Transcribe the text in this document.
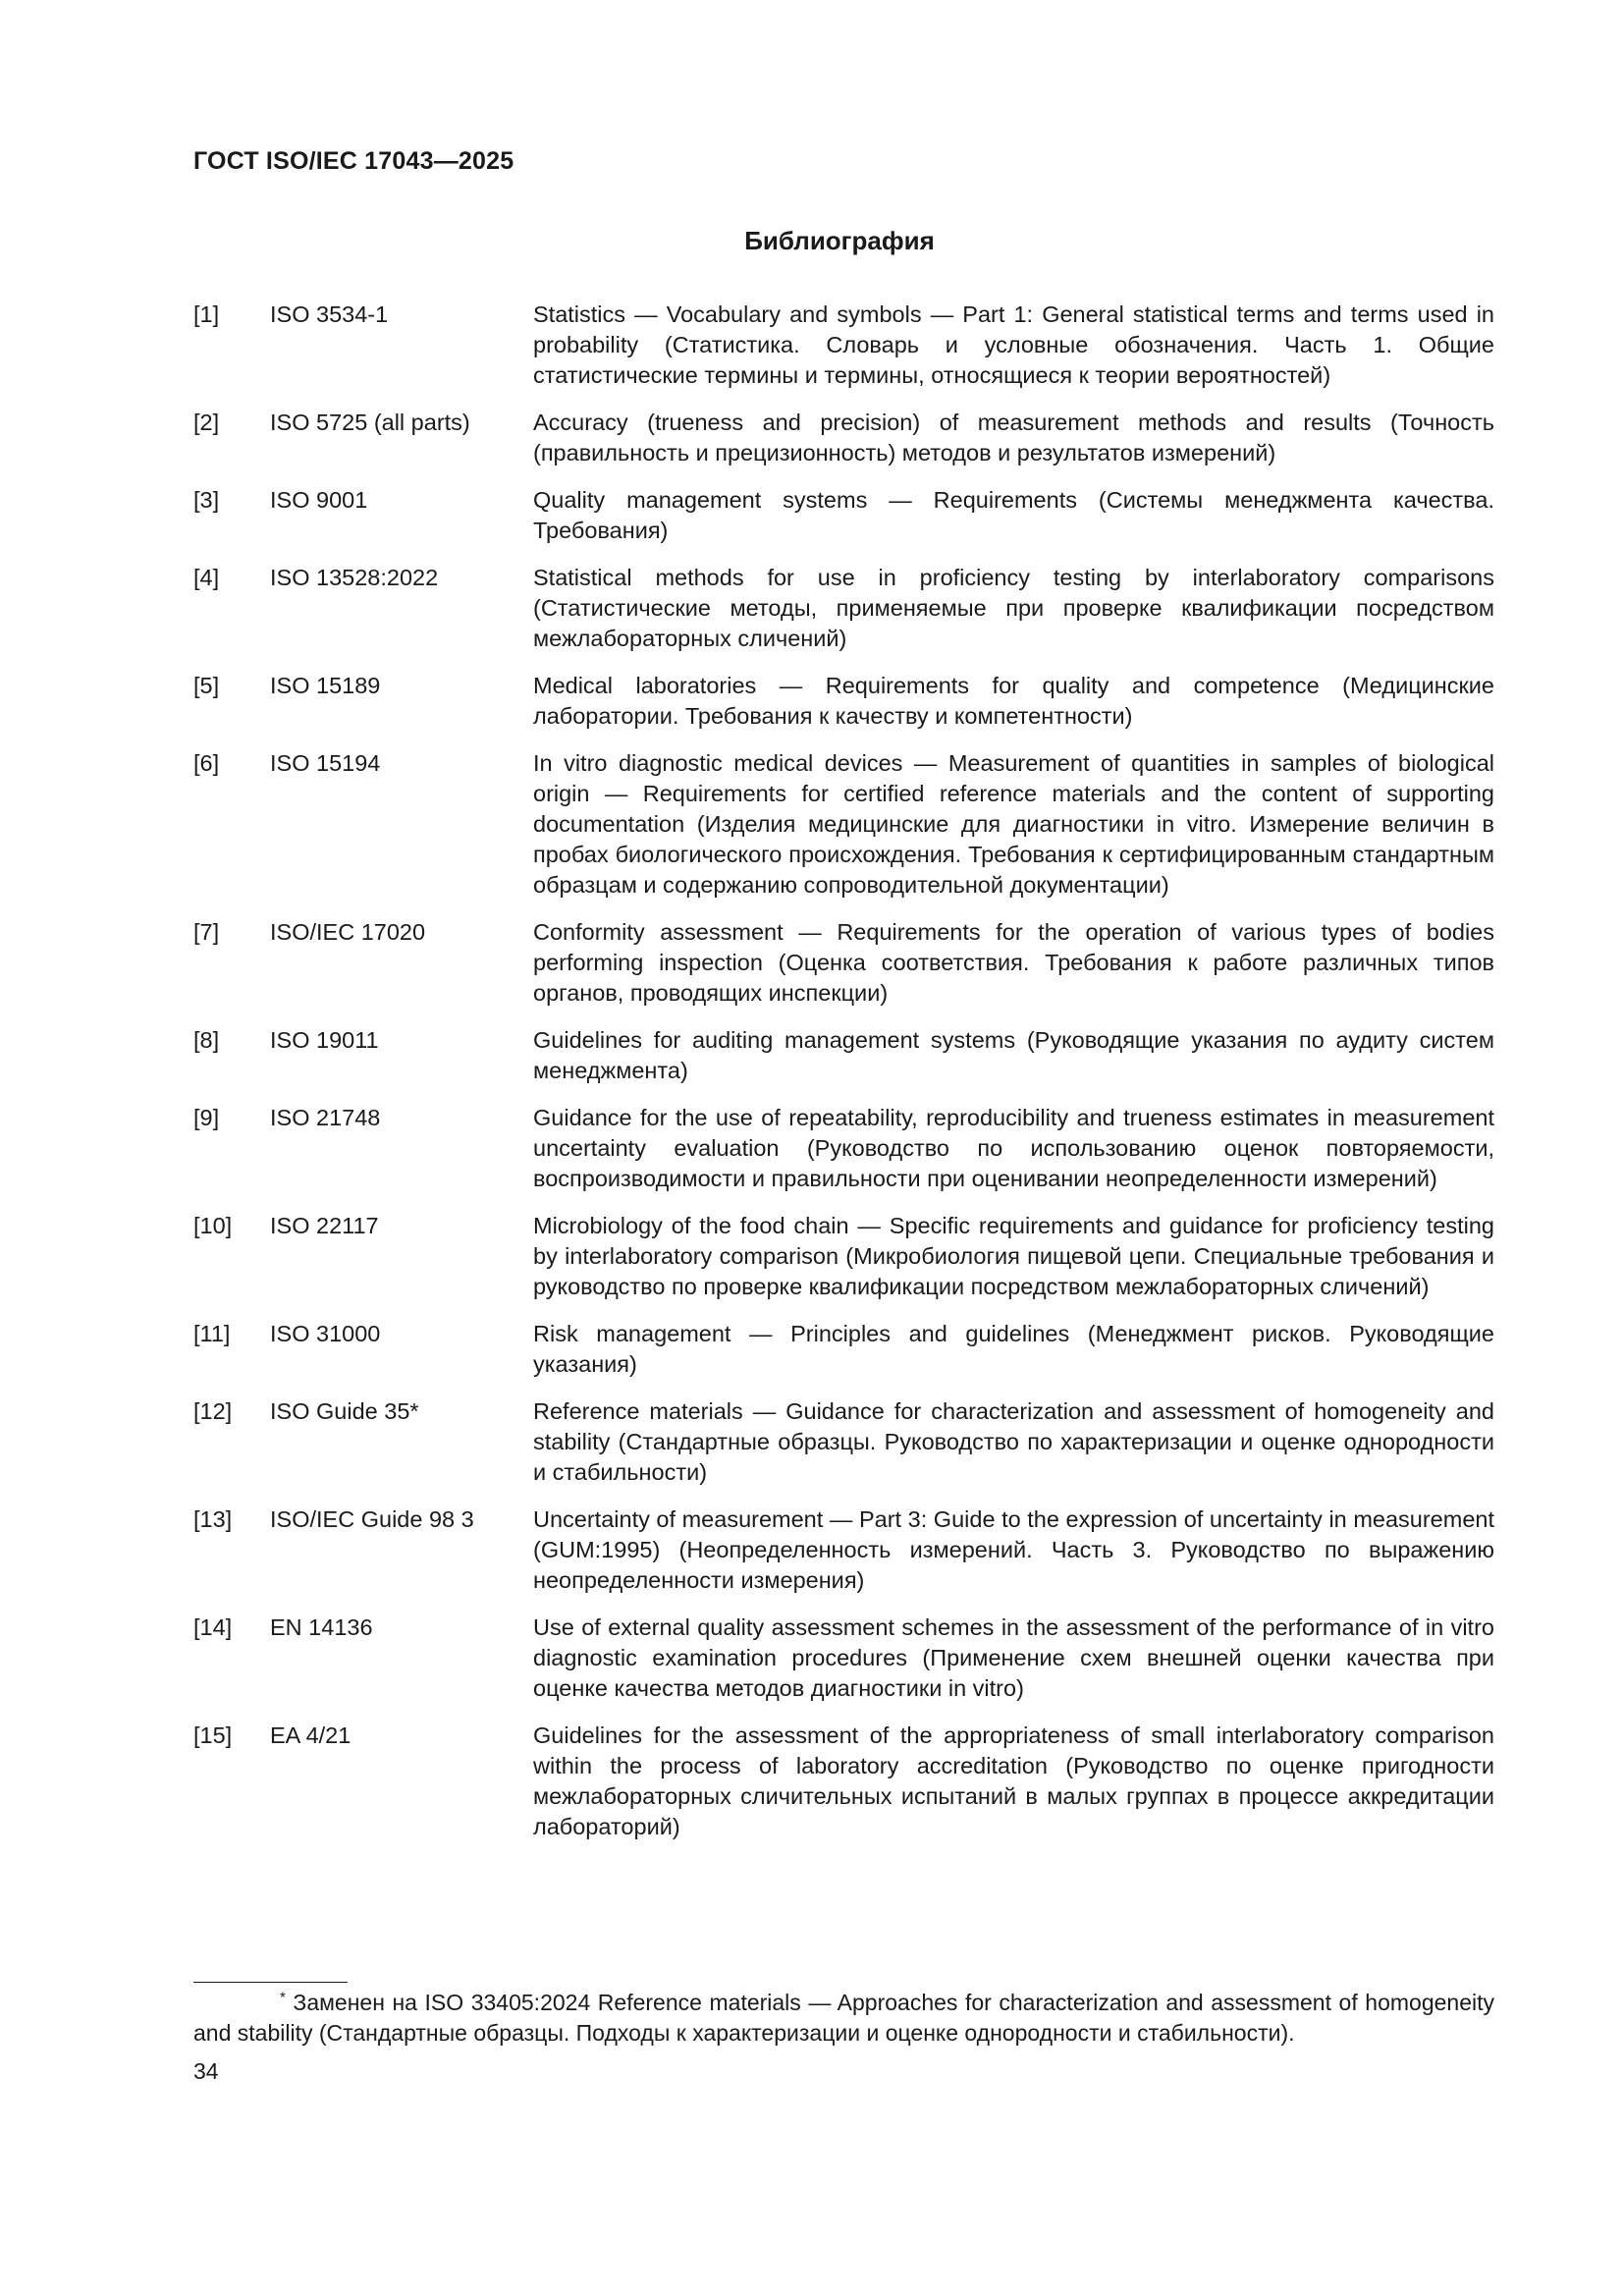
ГОСТ ISO/IEC 17043—2025
Библиография
[1]	ISO 3534-1	Statistics — Vocabulary and symbols — Part 1: General statistical terms and terms used in probability (Статистика. Словарь и условные обозначения. Часть 1. Общие статистические термины и термины, относящиеся к теории вероятностей)
[2]	ISO 5725 (all parts)	Accuracy (trueness and precision) of measurement methods and results (Точность (правильность и прецизионность) методов и результатов измерений)
[3]	ISO 9001	Quality management systems — Requirements (Системы менеджмента качества. Требования)
[4]	ISO 13528:2022	Statistical methods for use in proficiency testing by interlaboratory comparisons (Статистические методы, применяемые при проверке квалификации посредством межлабораторных сличений)
[5]	ISO 15189	Medical laboratories — Requirements for quality and competence (Медицинские лаборатории. Требования к качеству и компетентности)
[6]	ISO 15194	In vitro diagnostic medical devices — Measurement of quantities in samples of biological origin — Requirements for certified reference materials and the content of supporting documentation (Изделия медицинские для диагностики in vitro. Измерение величин в пробах биологического происхождения. Требования к сертифицированным стандартным образцам и содержанию сопроводительной документации)
[7]	ISO/IEC 17020	Conformity assessment — Requirements for the operation of various types of bodies performing inspection (Оценка соответствия. Требования к работе различных типов органов, проводящих инспекции)
[8]	ISO 19011	Guidelines for auditing management systems (Руководящие указания по аудиту систем менеджмента)
[9]	ISO 21748	Guidance for the use of repeatability, reproducibility and trueness estimates in measurement uncertainty evaluation (Руководство по использованию оценок повторяемости, воспроизводимости и правильности при оценивании неопределенности измерений)
[10]	ISO 22117	Microbiology of the food chain — Specific requirements and guidance for proficiency testing by interlaboratory comparison (Микробиология пищевой цепи. Специальные требования и руководство по проверке квалификации посредством межлабораторных сличений)
[11]	ISO 31000	Risk management — Principles and guidelines (Менеджмент рисков. Руководящие указания)
[12]	ISO Guide 35*	Reference materials — Guidance for characterization and assessment of homogeneity and stability (Стандартные образцы. Руководство по характеризации и оценке однородности и стабильности)
[13]	ISO/IEC Guide 98 3	Uncertainty of measurement — Part 3: Guide to the expression of uncertainty in measurement (GUM:1995) (Неопределенность измерений. Часть 3. Руководство по выражению неопределенности измерения)
[14]	EN 14136	Use of external quality assessment schemes in the assessment of the performance of in vitro diagnostic examination procedures (Применение схем внешней оценки качества при оценке качества методов диагностики in vitro)
[15]	EA 4/21	Guidelines for the assessment of the appropriateness of small interlaboratory comparison within the process of laboratory accreditation (Руководство по оценке пригодности межлабораторных сличительных испытаний в малых группах в процессе аккредитации лабораторий)
* Заменен на ISO 33405:2024 Reference materials — Approaches for characterization and assessment of homogeneity and stability (Стандартные образцы. Подходы к характеризации и оценке однородности и стабильности).
34
